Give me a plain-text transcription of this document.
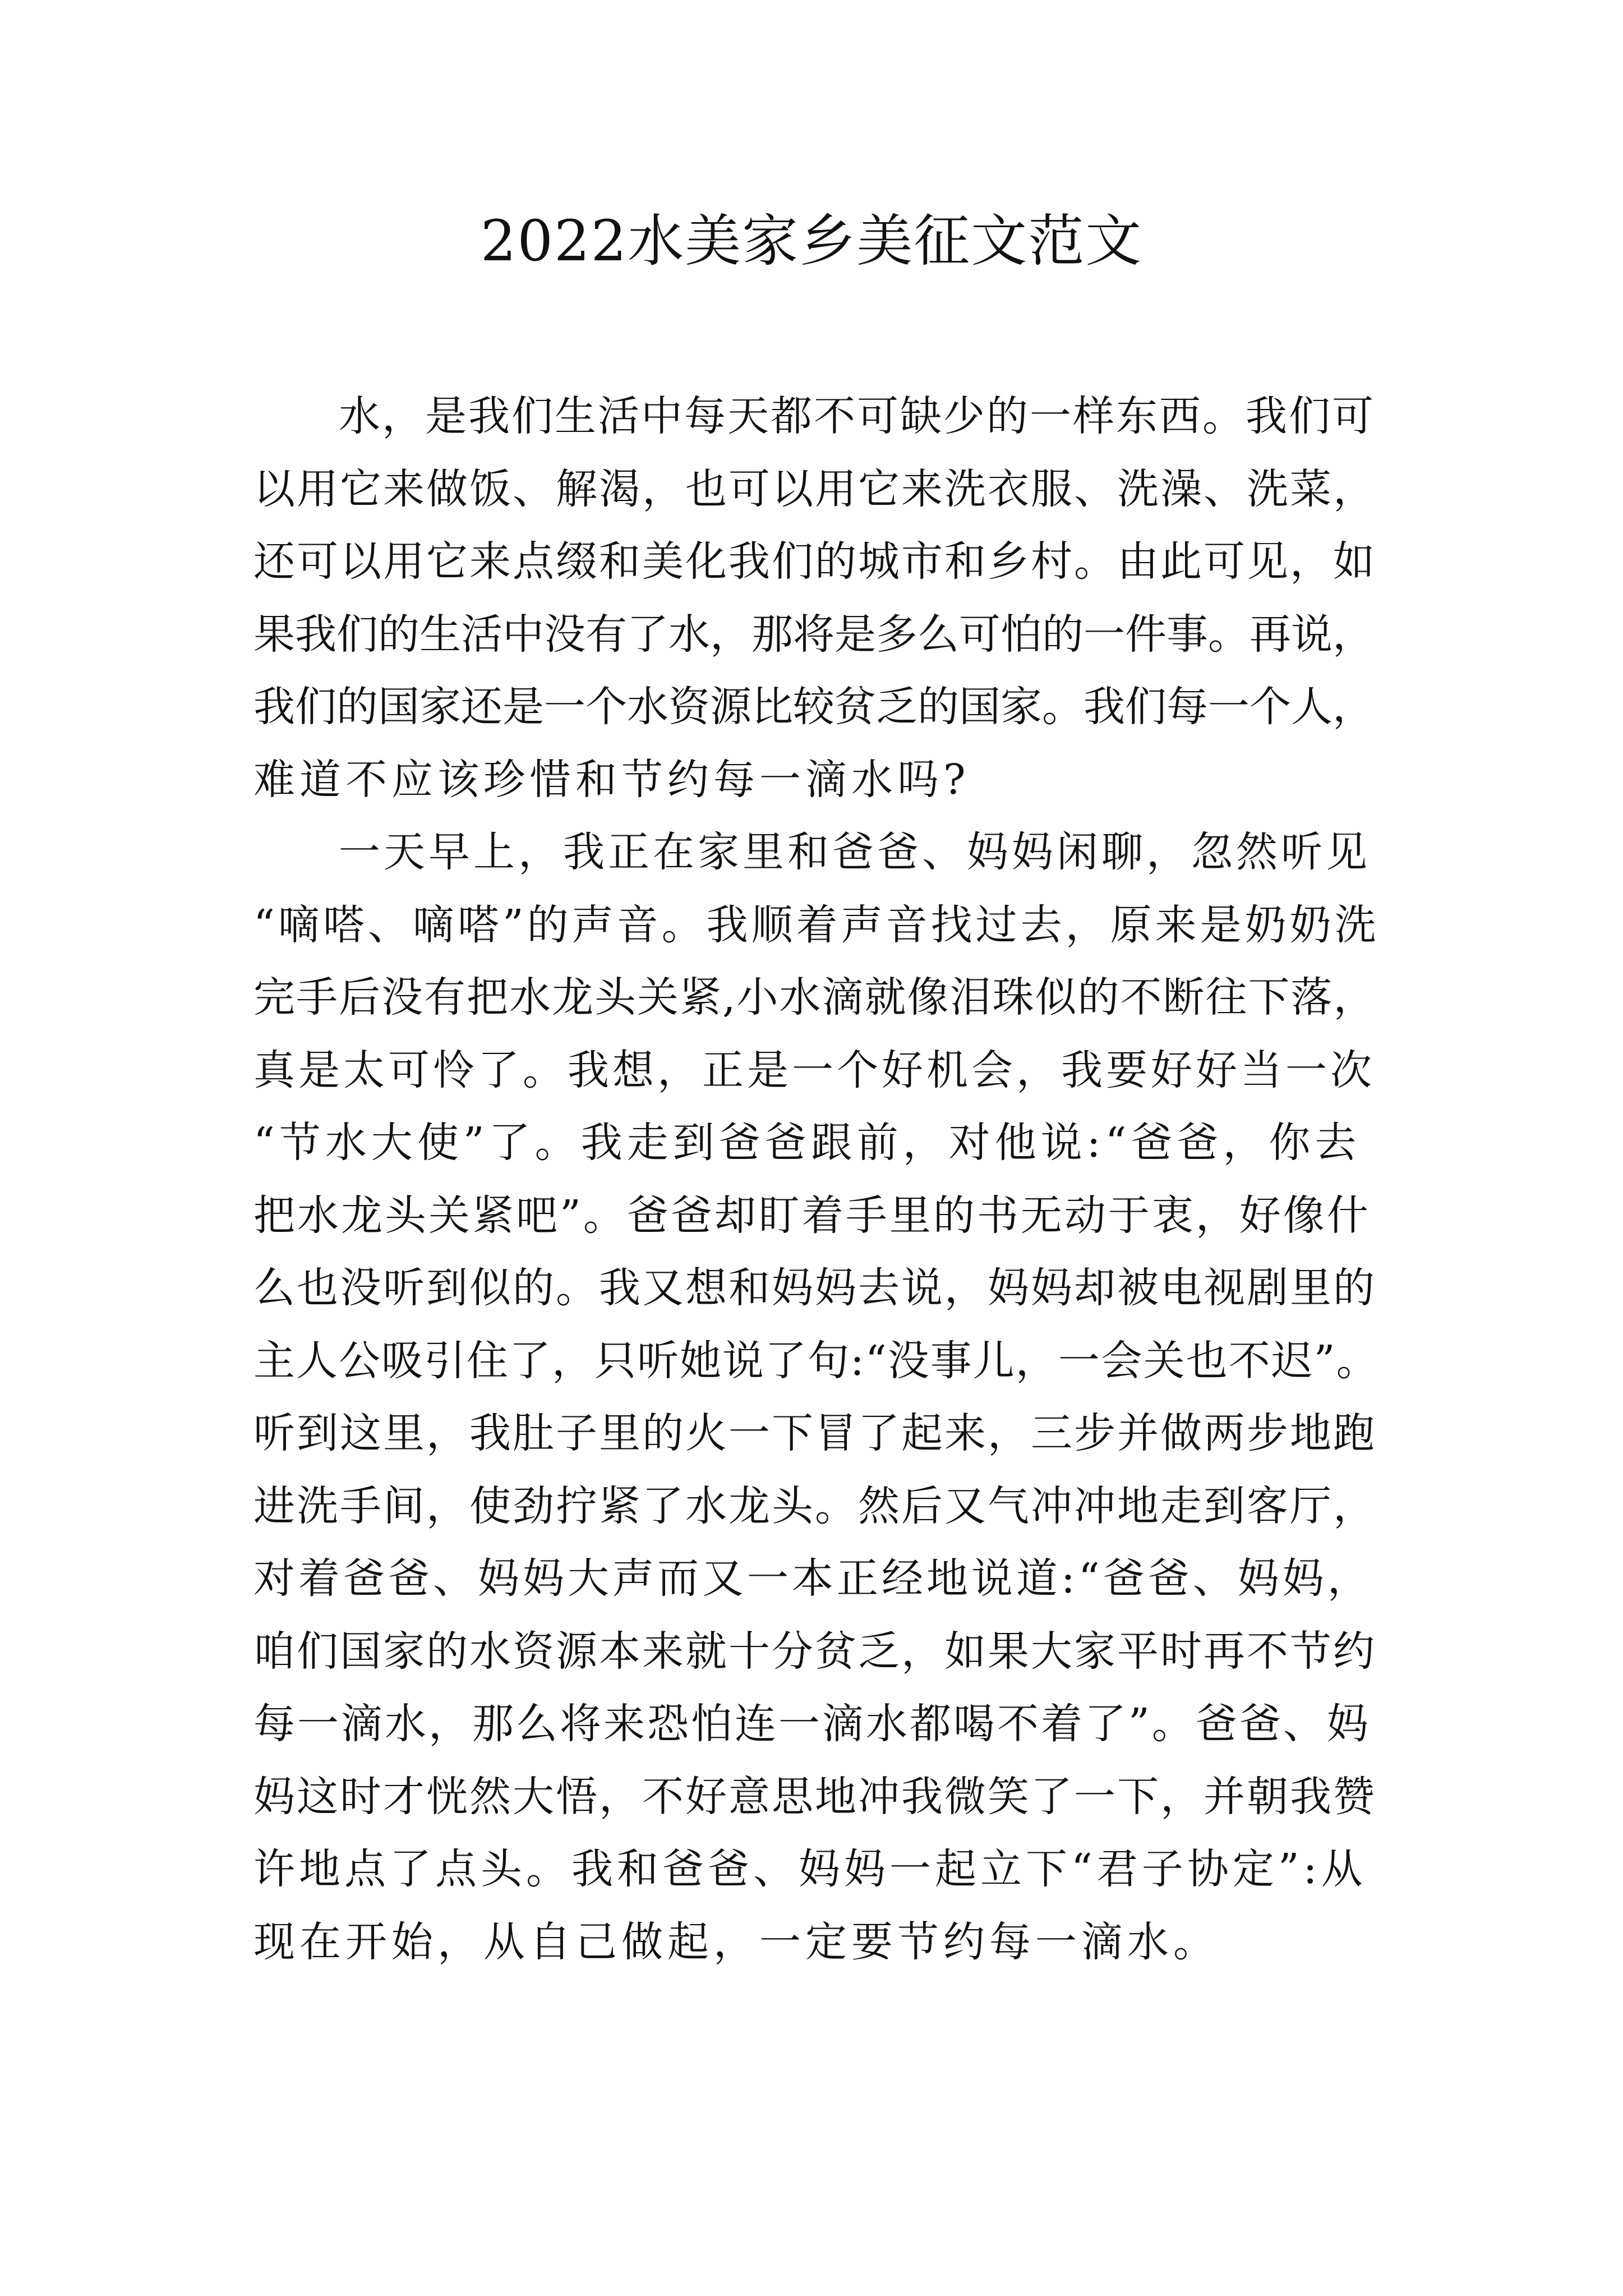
2022水美家乡美征文范文
水，是我们生活中每天都不可缺少的一样东西。我们可
以用它来做饭、解渴，也可以用它来洗衣服、洗澡、洗菜，
还可以用它来点缀和美化我们的城市和乡村。由此可见，如
果我们的生活中没有了水，那将是多么可怕的一件事。再说，
我们的国家还是一个水资源比较贫乏的国家。我们每一个人，
难道不应该珍惜和节约每一滴水吗?
一天早上，我正在家里和爸爸、妈妈闲聊，忽然听见
“嘀嗒、嘀嗒”的声音。我顺着声音找过去，原来是奶奶洗
完手后没有把水龙头关紧,小水滴就像泪珠似的不断往下落，
真是太可怜了。我想，正是一个好机会，我要好好当一次
“节水大使”了。我走到爸爸跟前，对他说:“爸爸，你去
把水龙头关紧吧”。爸爸却盯着手里的书无动于衷，好像什
么也没听到似的。我又想和妈妈去说，妈妈却被电视剧里的
主人公吸引住了，只听她说了句:“没事儿，一会关也不迟”。
听到这里，我肚子里的火一下冒了起来，三步并做两步地跑
进洗手间，使劲拧紧了水龙头。然后又气冲冲地走到客厅，
对着爸爸、妈妈大声而又一本正经地说道:“爸爸、妈妈，
咱们国家的水资源本来就十分贫乏，如果大家平时再不节约
每一滴水，那么将来恐怕连一滴水都喝不着了”。爸爸、妈
妈这时才恍然大悟，不好意思地冲我微笑了一下，并朝我赞
许地点了点头。我和爸爸、妈妈一起立下“君子协定”:从
现在开始，从自己做起，一定要节约每一滴水。
